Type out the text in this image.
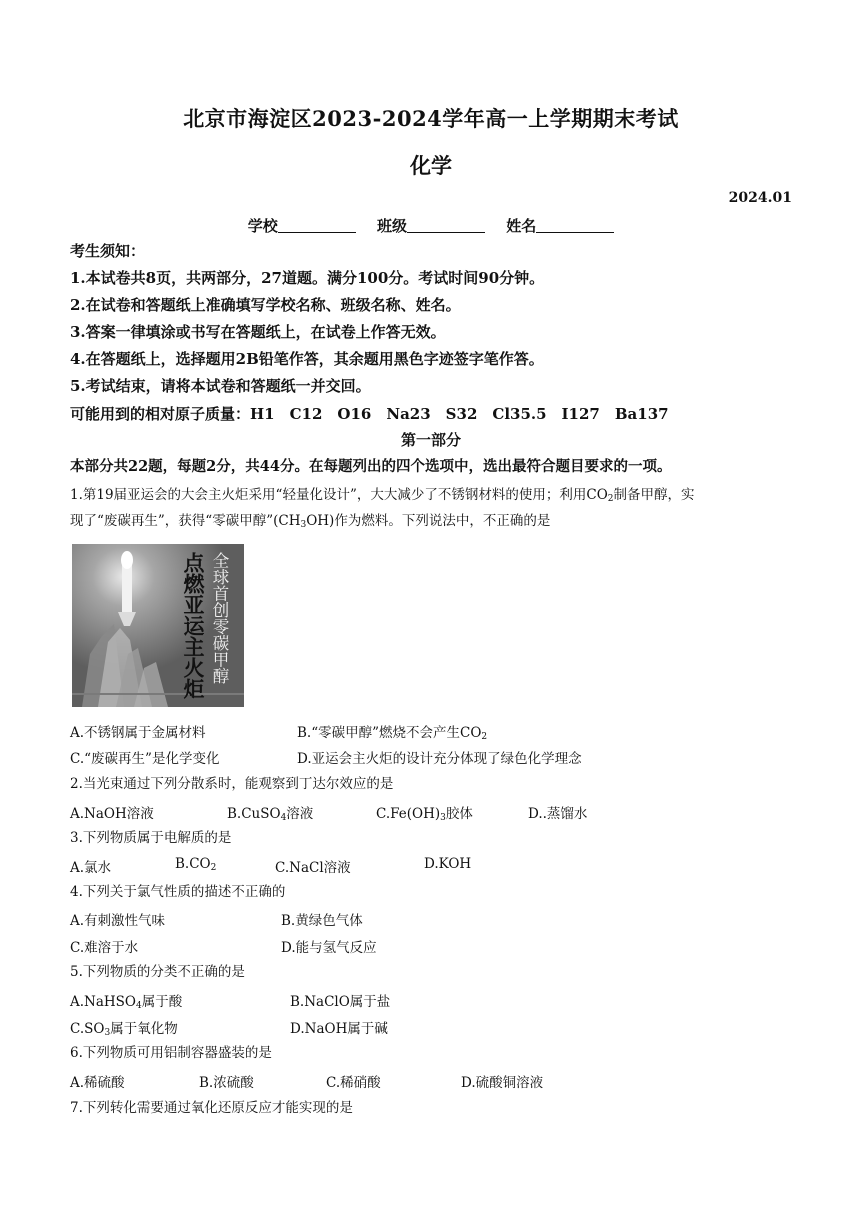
北京市海淀区2023-2024学年高一上学期期末考试
化学
2024.01
学校	班级	姓名
考生须知：
1.本试卷共8页，共两部分，27道题。满分100分。考试时间90分钟。
2.在试卷和答题纸上准确填写学校名称、班级名称、姓名。
3.答案一律填涂或书写在答题纸上，在试卷上作答无效。
4.在答题纸上，选择题用2B铅笔作答，其余题用黑色字迹签字笔作答。
5.考试结束，请将本试卷和答题纸一并交回。
可能用到的相对原子质量：H1　C12　O16　Na23　S32　Cl35.5　I127　Ba137
第一部分
本部分共22题，每题2分，共44分。在每题列出的四个选项中，选出最符合题目要求的一项。
1.第19届亚运会的大会主火炬采用“轻量化设计”，大大减少了不锈钢材料的使用；利用$CO_2$制备甲醇，实
现了“废碳再生”，获得“零碳甲醇$”(CH_3OH)$作为燃料。下列说法中，不正确的是
点燃亚运主火炬 全球首创零碳甲醇
A.不锈钢属于金属材料	B.“零碳甲醇”燃烧不会产生$CO_2$
C.“废碳再生”是化学变化	D.亚运会主火炬的设计充分体现了绿色化学理念
2.当光束通过下列分散系时，能观察到丁达尔效应的是
A.NaOH溶液	B.CuSO$_4$溶液	$C.Fe(OH)_3$胶体	D..蒸馏水
3.下列物质属于电解质的是
A.氯水	$B.CO_2$	C.NaCl溶液	D.KOH
4.下列关于氯气性质的描述不正确的
A.有刺激性气味	B.黄绿色气体
C.难溶于水	D.能与氢气反应
5.下列物质的分类不正确的是
A.NaHSO$_4$属于酸	B.NaClO属于盐
$C.SO_3$属于氧化物	D.NaOH属于碱
6.下列物质可用铝制容器盛装的是
A.稀硫酸	B.浓硫酸	C.稀硝酸	D.硫酸铜溶液
7.下列转化需要通过氧化还原反应才能实现的是
